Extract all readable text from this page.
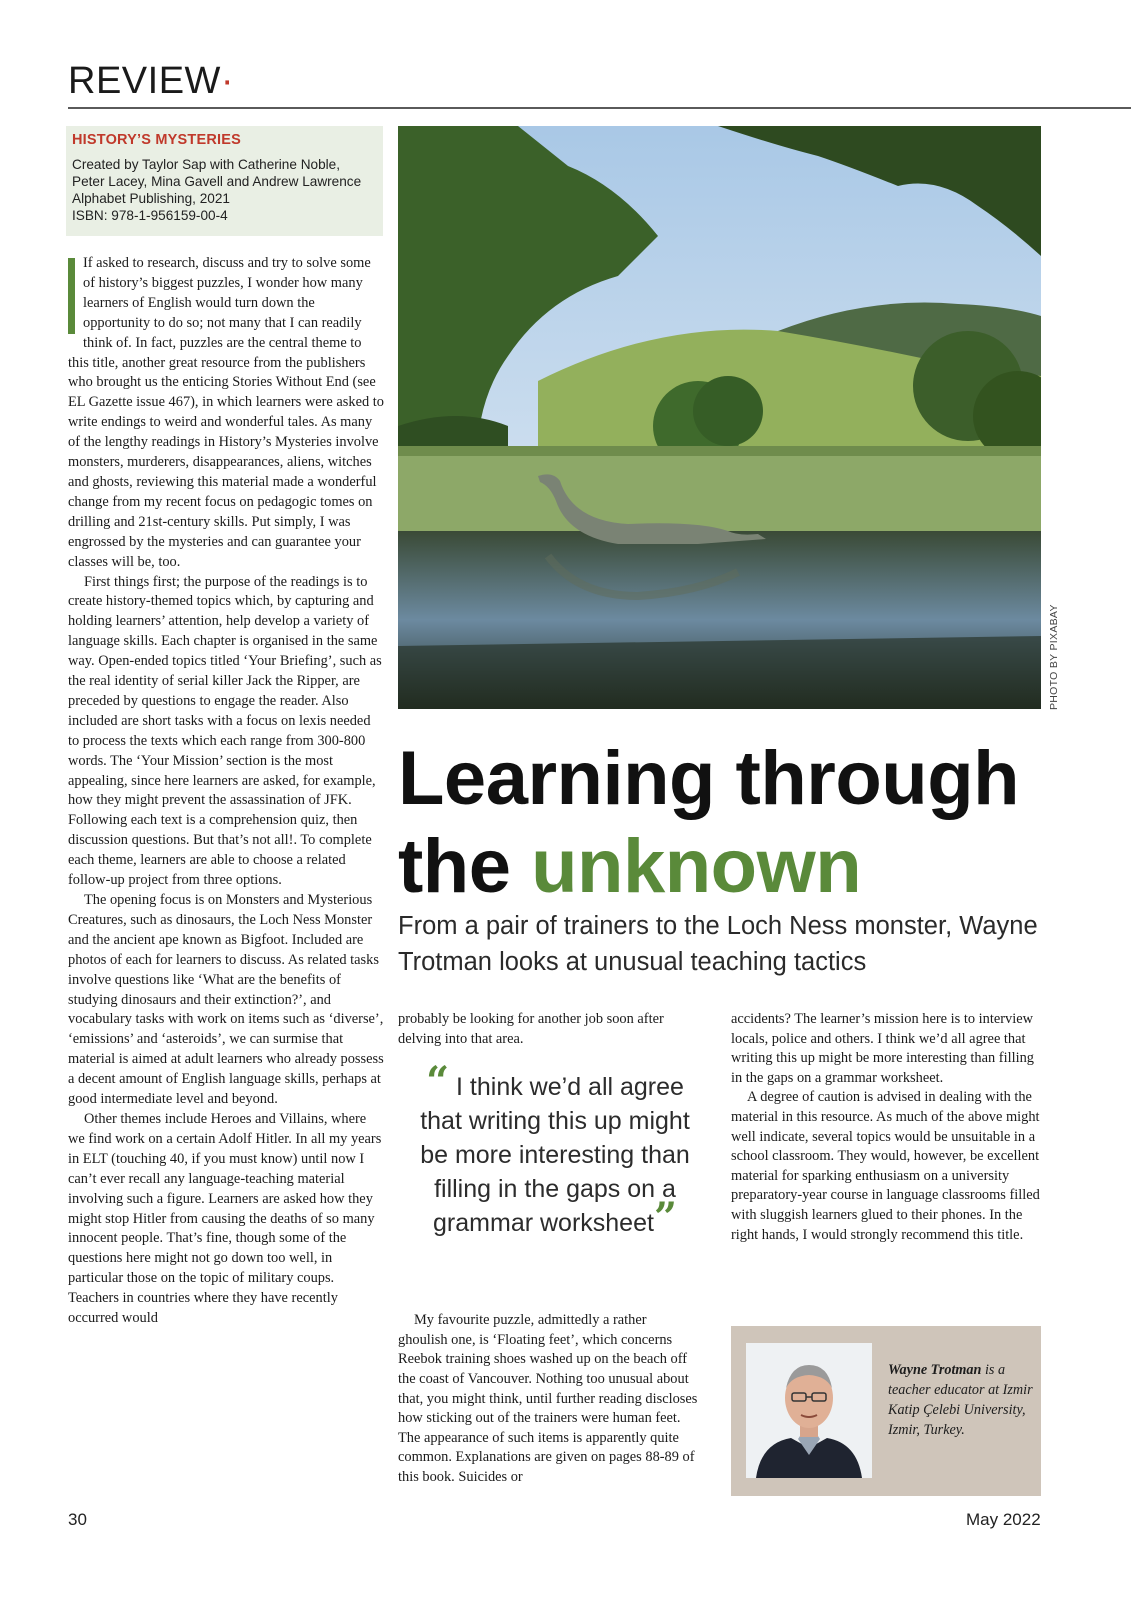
REVIEW·
HISTORY’S MYSTERIES
Created by Taylor Sap with Catherine Noble,
Peter Lacey, Mina Gavell and Andrew Lawrence
Alphabet Publishing, 2021
ISBN: 978-1-956159-00-4

If asked to research, discuss and try to solve some of history’s biggest puzzles, I wonder how many learners of English would turn down the opportunity to do so; not many that I can readily think of. In fact, puzzles are the central theme to this title, another great resource from the publishers who brought us the enticing Stories Without End (see EL Gazette issue 467), in which learners were asked to write endings to weird and wonderful tales. As many of the lengthy readings in History’s Mysteries involve monsters, murderers, disappearances, aliens, witches and ghosts, reviewing this material made a wonderful change from my recent focus on pedagogic tomes on drilling and 21st-century skills. Put simply, I was engrossed by the mysteries and can guarantee your classes will be, too.

First things first; the purpose of the readings is to create history-themed topics which, by capturing and holding learners’ attention, help develop a variety of language skills. Each chapter is organised in the same way. Open-ended topics titled ‘Your Briefing’, such as the real identity of serial killer Jack the Ripper, are preceded by questions to engage the reader. Also included are short tasks with a focus on lexis needed to process the texts which each range from 300-800 words. The ‘Your Mission’ section is the most appealing, since here learners are asked, for example, how they might prevent the assassination of JFK. Following each text is a comprehension quiz, then discussion questions. But that’s not all!. To complete each theme, learners are able to choose a related follow-up project from three options.

The opening focus is on Monsters and Mysterious Creatures, such as dinosaurs, the Loch Ness Monster and the ancient ape known as Bigfoot. Included are photos of each for learners to discuss. As related tasks involve questions like ‘What are the benefits of studying dinosaurs and their extinction?’, and vocabulary tasks with work on items such as ‘diverse’, ‘emissions’ and ‘asteroids’, we can surmise that material is aimed at adult learners who already possess a decent amount of English language skills, perhaps at good intermediate level and beyond.

Other themes include Heroes and Villains, where we find work on a certain Adolf Hitler. In all my years in ELT (touching 40, if you must know) until now I can’t ever recall any language-teaching material involving such a figure. Learners are asked how they might stop Hitler from causing the deaths of so many innocent people. That’s fine, though some of the questions here might not go down too well, in particular those on the topic of military coups. Teachers in countries where they have recently occurred would

PHOTO BY PIXABAY
Learning through
the unknown
From a pair of trainers to the Loch Ness monster, Wayne Trotman looks at unusual teaching tactics

probably be looking for another job soon after delving into that area.

My favourite puzzle, admittedly a rather ghoulish one, is ‘Floating feet’, which concerns Reebok training shoes washed up on the beach off the coast of Vancouver. Nothing too unusual about that, you might think, until further reading discloses how sticking out of the trainers were human feet. The appearance of such items is apparently quite common. Explanations are given on pages 88-89 of this book. Suicides or

“ I think we’d all agree that writing this up might be more interesting than filling in the gaps on a grammar worksheet”

accidents? The learner’s mission here is to interview locals, police and others. I think we’d all agree that writing this up might be more interesting than filling in the gaps on a grammar worksheet.

A degree of caution is advised in dealing with the material in this resource. As much of the above might well indicate, several topics would be unsuitable in a school classroom. They would, however, be excellent material for sparking enthusiasm on a university preparatory-year course in language classrooms filled with sluggish learners glued to their phones. In the right hands, I would strongly recommend this title.

Wayne Trotman is a teacher educator at Izmir Katip Çelebi University, Izmir, Turkey.
30	May 2022
